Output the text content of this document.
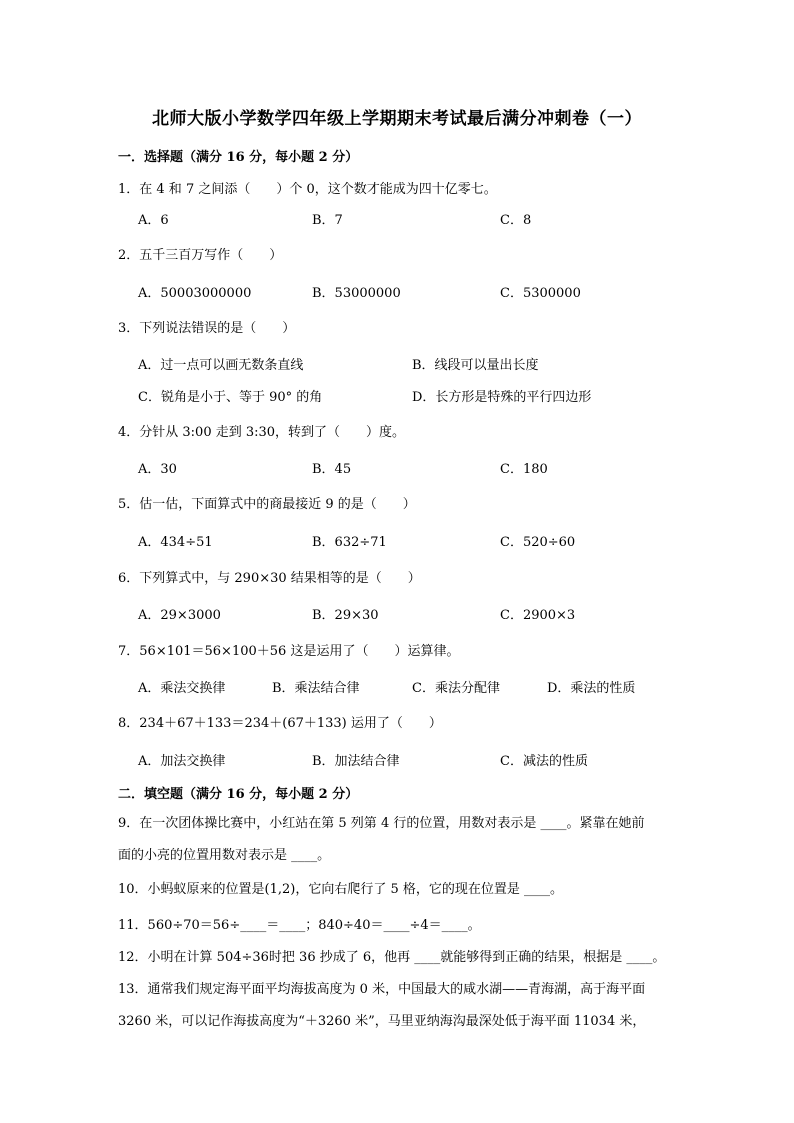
北师大版小学数学四年级上学期期末考试最后满分冲刺卷（一）
一．选择题（满分 16 分，每小题 2 分）
1．在 4 和 7 之间添（　　）个 0，这个数才能成为四十亿零七。
A．6	B．7	C．8
2．五千三百万写作（　　）
A．50003000000	B．53000000	C．5300000
3．下列说法错误的是（　　）
A．过一点可以画无数条直线	B．线段可以量出长度
C．锐角是小于、等于 90° 的角	D．长方形是特殊的平行四边形
4．分针从 3:00 走到 3:30，转到了（　　）度。
A．30	B．45	C．180
5．估一估，下面算式中的商最接近 9 的是（　　）
A．434÷51	B．632÷71	C．520÷60
6．下列算式中，与 290×30 结果相等的是（　　）
A．29×3000	B．29×30	C．2900×3
7．56×101＝56×100＋56 这是运用了（　　）运算律。
A．乘法交换律	B．乘法结合律	C．乘法分配律	D．乘法的性质
8．234＋67＋133＝234＋(67＋133) 运用了（　　）
A．加法交换律	B．加法结合律	C．减法的性质
二．填空题（满分 16 分，每小题 2 分）
9．在一次团体操比赛中，小红站在第 5 列第 4 行的位置，用数对表示是 ____。紧靠在她前
面的小亮的位置用数对表示是 ____。
10．小蚂蚁原来的位置是(1,2)，它向右爬行了 5 格，它的现在位置是 ____。
11．560÷70＝56÷____＝____；840÷40＝____÷4＝____。
12．小明在计算 504÷36时把 36 抄成了 6，他再 ____就能够得到正确的结果，根据是 ____。
13．通常我们规定海平面平均海拔高度为 0 米，中国最大的咸水湖——青海湖，高于海平面
3260 米，可以记作海拔高度为“＋3260 米”，马里亚纳海沟最深处低于海平面 11034 米，
